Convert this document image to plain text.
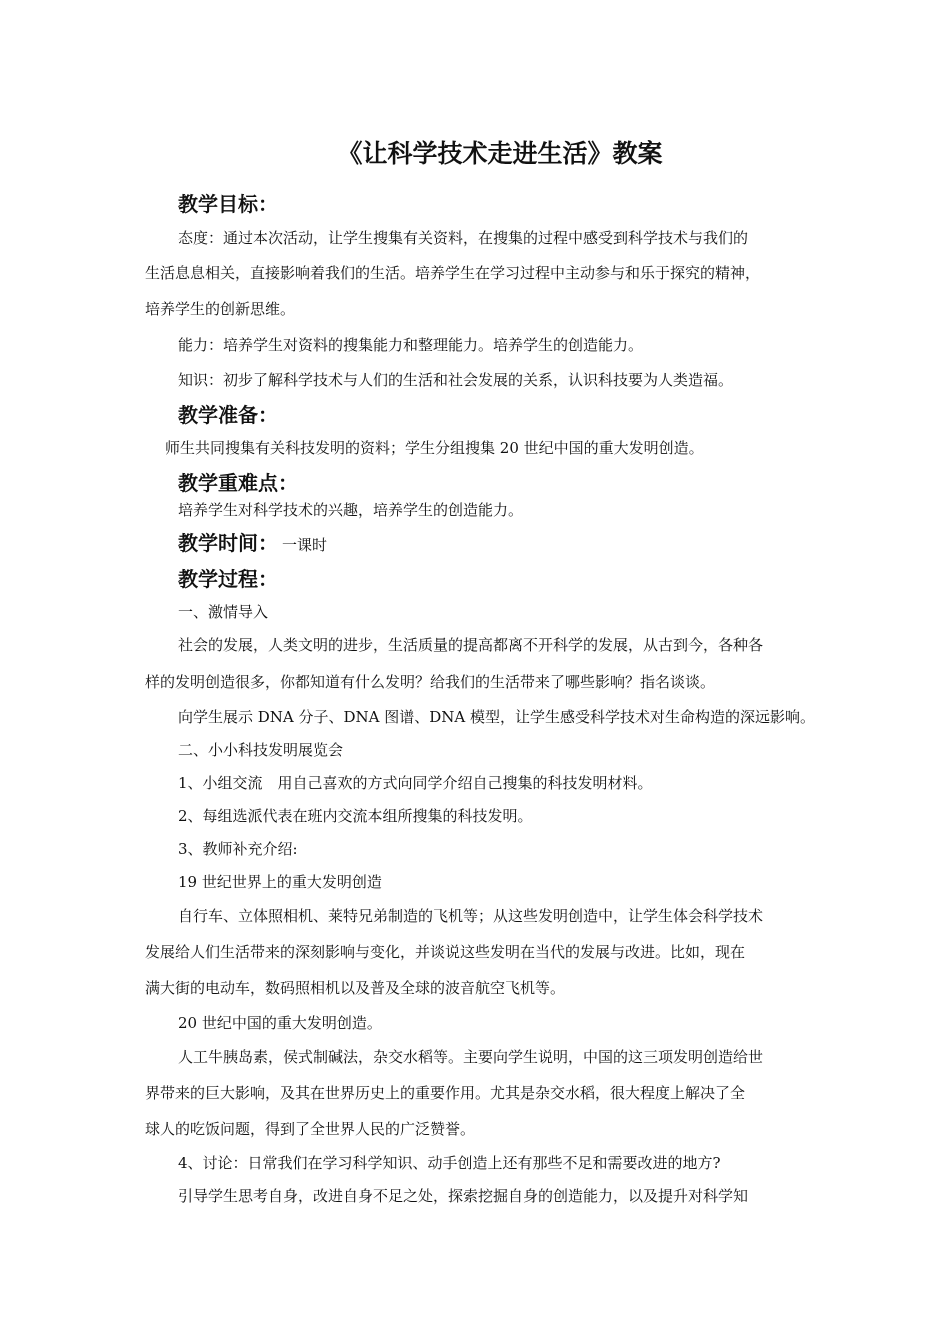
《让科学技术走进生活》教案
教学目标：
态度：通过本次活动，让学生搜集有关资料，在搜集的过程中感受到科学技术与我们的
生活息息相关，直接影响着我们的生活。培养学生在学习过程中主动参与和乐于探究的精神，
培养学生的创新思维。
能力：培养学生对资料的搜集能力和整理能力。培养学生的创造能力。
知识：初步了解科学技术与人们的生活和社会发展的关系，认识科技要为人类造福。
教学准备：
师生共同搜集有关科技发明的资料；学生分组搜集 20 世纪中国的重大发明创造。
教学重难点：
培养学生对科学技术的兴趣，培养学生的创造能力。
教学时间： 一课时
教学过程：
一、激情导入
社会的发展，人类文明的进步，生活质量的提高都离不开科学的发展，从古到今，各种各
样的发明创造很多，你都知道有什么发明？给我们的生活带来了哪些影响？指名谈谈。
向学生展示 DNA 分子、DNA 图谱、DNA 模型，让学生感受科学技术对生命构造的深远影响。
二、小小科技发明展览会
1、小组交流　用自己喜欢的方式向同学介绍自己搜集的科技发明材料。
2、每组选派代表在班内交流本组所搜集的科技发明。
3、教师补充介绍:
19 世纪世界上的重大发明创造
自行车、立体照相机、莱特兄弟制造的飞机等；从这些发明创造中，让学生体会科学技术
发展给人们生活带来的深刻影响与变化，并谈说这些发明在当代的发展与改进。比如，现在
满大街的电动车，数码照相机以及普及全球的波音航空飞机等。
20 世纪中国的重大发明创造。
人工牛胰岛素，侯式制碱法，杂交水稻等。主要向学生说明，中国的这三项发明创造给世
界带来的巨大影响，及其在世界历史上的重要作用。尤其是杂交水稻，很大程度上解决了全
球人的吃饭问题，得到了全世界人民的广泛赞誉。
4、讨论：日常我们在学习科学知识、动手创造上还有那些不足和需要改进的地方?
引导学生思考自身，改进自身不足之处，探索挖掘自身的创造能力，以及提升对科学知
